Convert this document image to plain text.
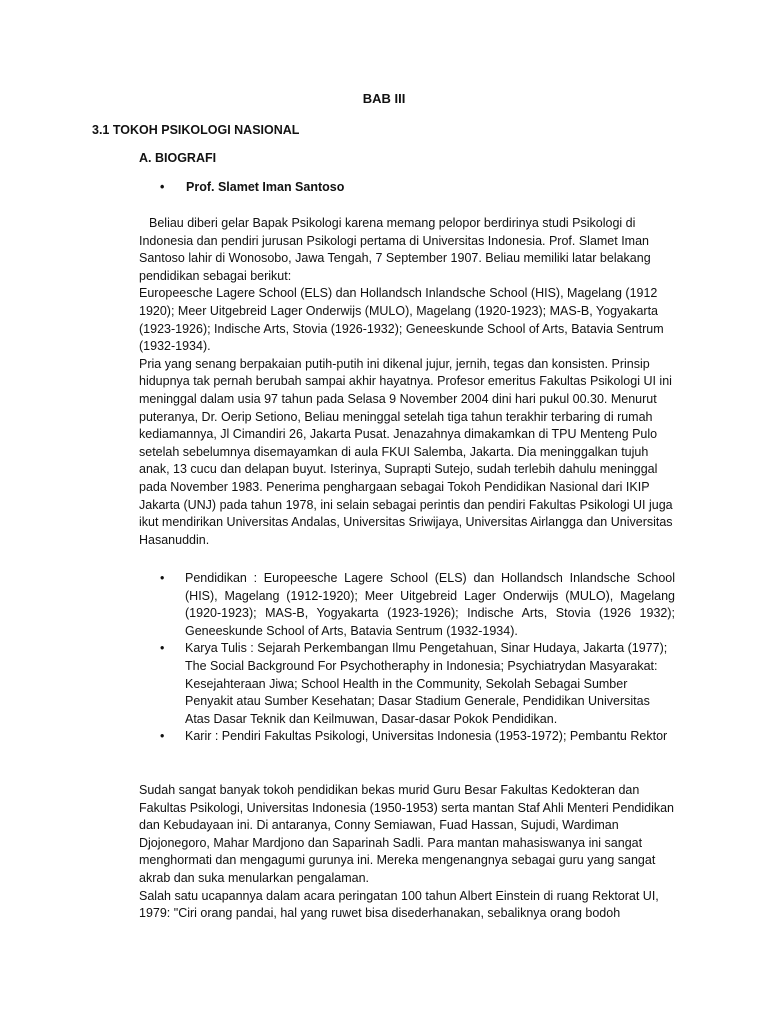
BAB III
3.1 TOKOH PSIKOLOGI NASIONAL
A. BIOGRAFI
• Prof. Slamet Iman Santoso

Beliau diberi gelar Bapak Psikologi karena memang pelopor berdirinya studi Psikologi di Indonesia dan pendiri jurusan Psikologi pertama di Universitas Indonesia. Prof. Slamet Iman Santoso lahir di Wonosobo, Jawa Tengah, 7 September 1907. Beliau memiliki latar belakang pendidikan sebagai berikut:

Europeesche Lagere School (ELS) dan Hollandsch Inlandsche School (HIS), Magelang (1912 1920); Meer Uitgebreid Lager Onderwijs (MULO), Magelang (1920-1923); MAS-B, Yogyakarta (1923-1926); Indische Arts, Stovia (1926-1932); Geneeskunde School of Arts, Batavia Sentrum (1932-1934).

Pria yang senang berpakaian putih-putih ini dikenal jujur, jernih, tegas dan konsisten. Prinsip hidupnya tak pernah berubah sampai akhir hayatnya. Profesor emeritus Fakultas Psikologi UI ini meninggal dalam usia 97 tahun pada Selasa 9 November 2004 dini hari pukul 00.30. Menurut puteranya, Dr. Oerip Setiono, Beliau meninggal setelah tiga tahun terakhir terbaring di rumah kediamannya, Jl Cimandiri 26, Jakarta Pusat. Jenazahnya dimakamkan di TPU Menteng Pulo setelah sebelumnya disemayamkan di aula FKUI Salemba, Jakarta. Dia meninggalkan tujuh anak, 13 cucu dan delapan buyut. Isterinya, Suprapti Sutejo, sudah terlebih dahulu meninggal pada November 1983. Penerima penghargaan sebagai Tokoh Pendidikan Nasional dari IKIP Jakarta (UNJ) pada tahun 1978, ini selain sebagai perintis dan pendiri Fakultas Psikologi UI juga ikut mendirikan Universitas Andalas, Universitas Sriwijaya, Universitas Airlangga dan Universitas Hasanuddin.

• Pendidikan : Europeesche Lagere School (ELS) dan Hollandsch Inlandsche School (HIS), Magelang (1912-1920); Meer Uitgebreid Lager Onderwijs (MULO), Magelang (1920-1923); MAS-B, Yogyakarta (1923-1926); Indische Arts, Stovia (1926 1932); Geneeskunde School of Arts, Batavia Sentrum (1932-1934).
• Karya Tulis : Sejarah Perkembangan Ilmu Pengetahuan, Sinar Hudaya, Jakarta (1977); The Social Background For Psychotheraphy in Indonesia; Psychiatrydan Masyarakat: Kesejahteraan Jiwa; School Health in the Community, Sekolah Sebagai Sumber Penyakit atau Sumber Kesehatan; Dasar Stadium Generale, Pendidikan Universitas Atas Dasar Teknik dan Keilmuwan, Dasar-dasar Pokok Pendidikan.
• Karir : Pendiri Fakultas Psikologi, Universitas Indonesia (1953-1972); Pembantu Rektor

Sudah sangat banyak tokoh pendidikan bekas murid Guru Besar Fakultas Kedokteran dan Fakultas Psikologi, Universitas Indonesia (1950-1953) serta mantan Staf Ahli Menteri Pendidikan dan Kebudayaan ini. Di antaranya, Conny Semiawan, Fuad Hassan, Sujudi, Wardiman Djojonegoro, Mahar Mardjono dan Saparinah Sadli. Para mantan mahasiswanya ini sangat menghormati dan mengagumi gurunya ini. Mereka mengenangnya sebagai guru yang sangat akrab dan suka menularkan pengalaman.

Salah satu ucapannya dalam acara peringatan 100 tahun Albert Einstein di ruang Rektorat UI, 1979: "Ciri orang pandai, hal yang ruwet bisa disederhanakan, sebaliknya orang bodoh
